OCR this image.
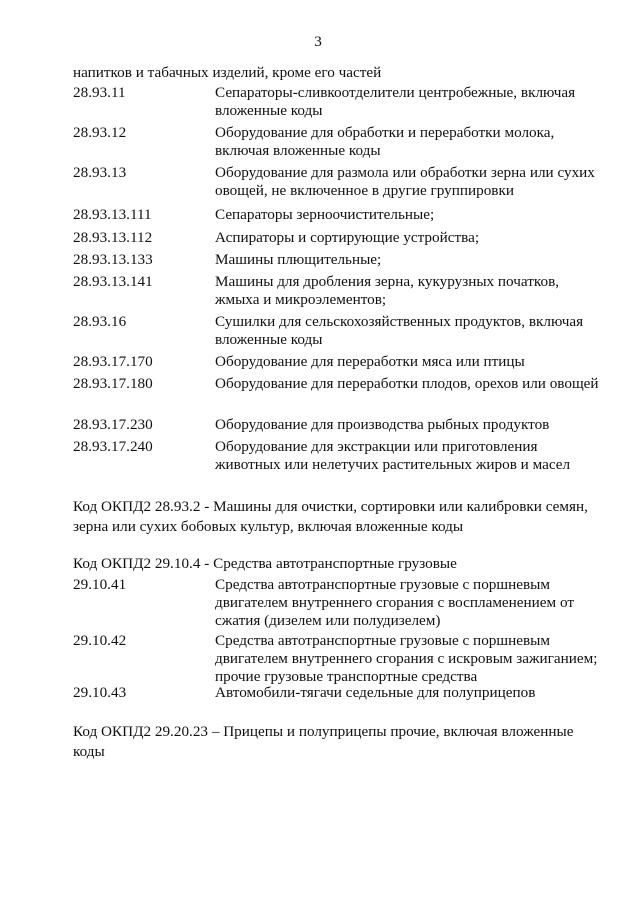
3
напитков и табачных изделий, кроме его частей
28.93.11	Сепараторы-сливкоотделители центробежные, включая вложенные коды
28.93.12	Оборудование для обработки и переработки молока, включая вложенные коды
28.93.13	Оборудование для размола или обработки зерна или сухих овощей, не включенное в другие группировки
28.93.13.111	Сепараторы зерноочистительные;
28.93.13.112	Аспираторы и сортирующие устройства;
28.93.13.133	Машины плющительные;
28.93.13.141	Машины для дробления зерна, кукурузных початков, жмыха и микроэлементов;
28.93.16	Сушилки для сельскохозяйственных продуктов, включая вложенные коды
28.93.17.170	Оборудование для переработки мяса или птицы
28.93.17.180	Оборудование для переработки плодов, орехов или овощей
28.93.17.230	Оборудование для производства рыбных продуктов
28.93.17.240	Оборудование для экстракции или приготовления животных или нелетучих растительных жиров и масел
Код ОКПД2 28.93.2 - Машины для очистки, сортировки или калибровки семян, зерна или сухих бобовых культур, включая вложенные коды
Код ОКПД2 29.10.4 - Средства автотранспортные грузовые
29.10.41	Средства автотранспортные грузовые с поршневым двигателем внутреннего сгорания с воспламенением от сжатия (дизелем или полудизелем)
29.10.42	Средства автотранспортные грузовые с поршневым двигателем внутреннего сгорания с искровым зажиганием; прочие грузовые транспортные средства
29.10.43	Автомобили-тягачи седельные для полуприцепов
Код ОКПД2 29.20.23 – Прицепы и полуприцепы прочие, включая вложенные коды
